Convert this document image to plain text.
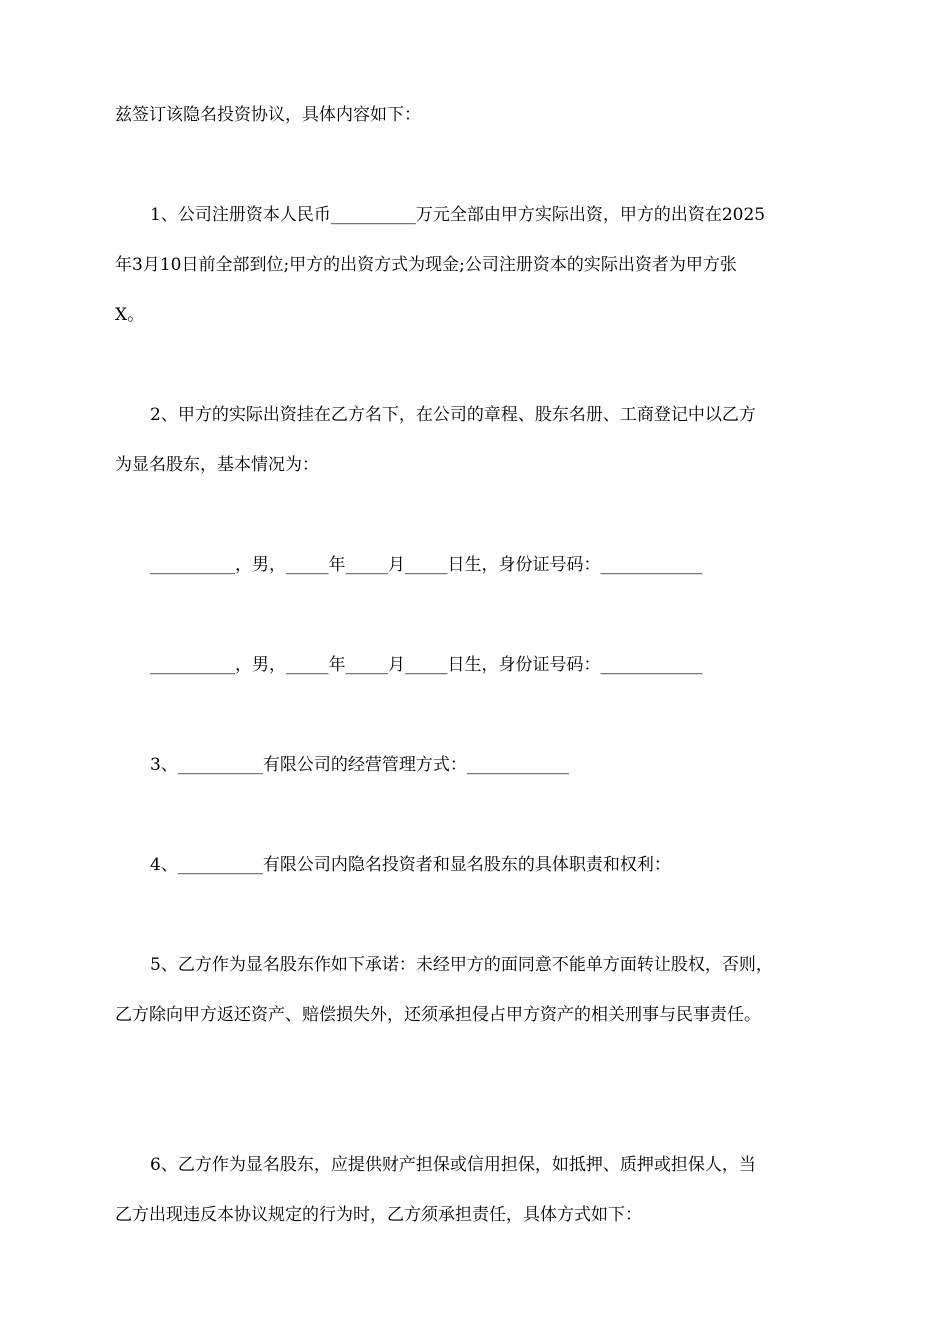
兹签订该隐名投资协议，具体内容如下：

1、公司注册资本人民币__________万元全部由甲方实际出资，甲方的出资在2025

年3月10日前全部到位;甲方的出资方式为现金;公司注册资本的实际出资者为甲方张

X。

2、甲方的实际出资挂在乙方名下，在公司的章程、股东名册、工商登记中以乙方

为显名股东，基本情况为：

__________，男，_____年_____月_____日生，身份证号码：____________

__________，男，_____年_____月_____日生，身份证号码：____________

3、__________有限公司的经营管理方式：____________

4、__________有限公司内隐名投资者和显名股东的具体职责和权利：

5、乙方作为显名股东作如下承诺：未经甲方的面同意不能单方面转让股权，否则，

乙方除向甲方返还资产、赔偿损失外，还须承担侵占甲方资产的相关刑事与民事责任。

6、乙方作为显名股东，应提供财产担保或信用担保，如抵押、质押或担保人，当

乙方出现违反本协议规定的行为时，乙方须承担责任，具体方式如下：
